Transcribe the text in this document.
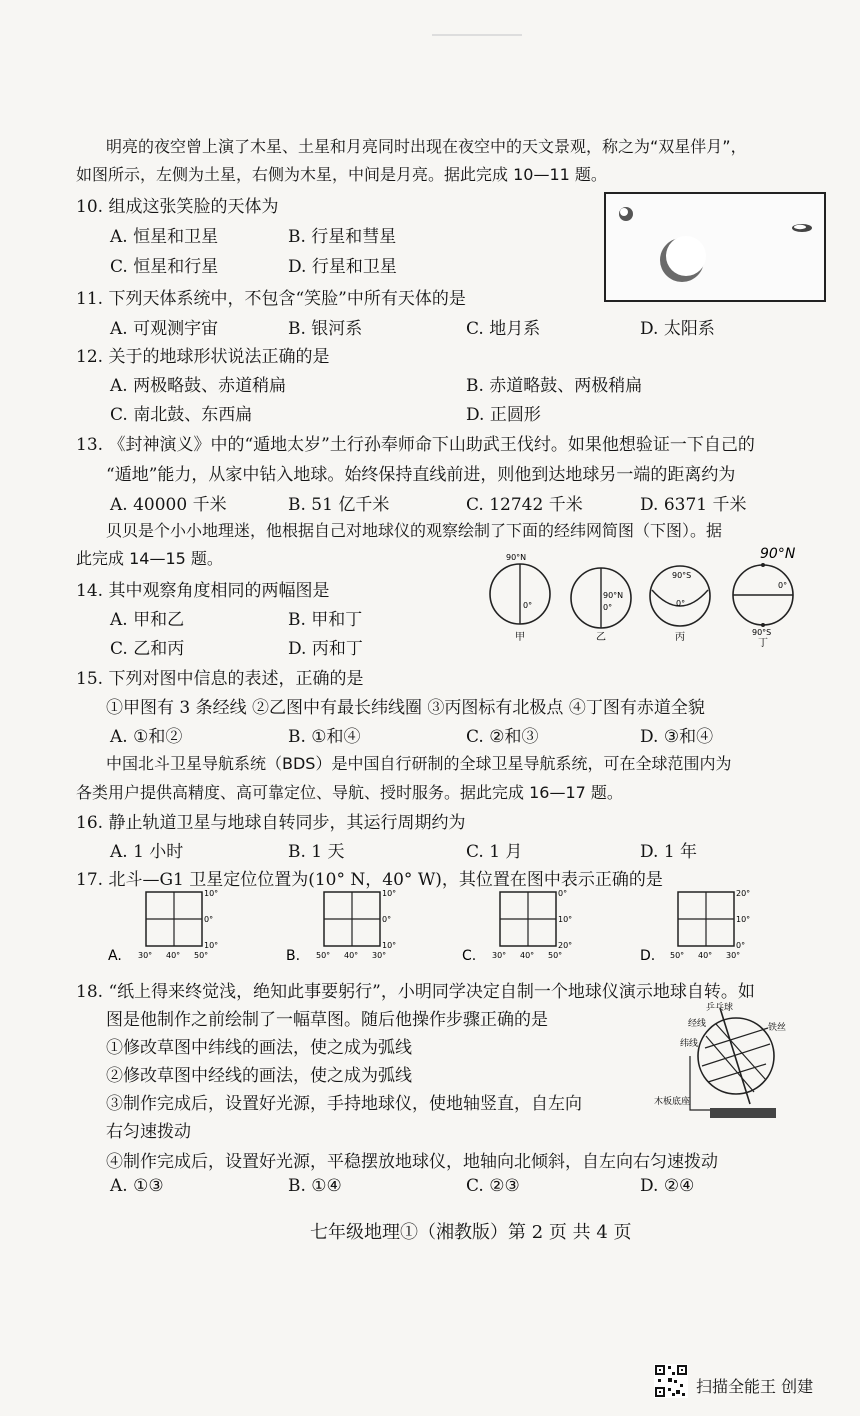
明亮的夜空曾上演了木星、土星和月亮同时出现在夜空中的天文景观，称之为“双星伴月”，
如图所示，左侧为土星，右侧为木星，中间是月亮。据此完成 10—11 题。
10. 组成这张笑脸的天体为
A. 恒星和卫星	B. 行星和彗星
C. 恒星和行星	D. 行星和卫星
11. 下列天体系统中，不包含“笑脸”中所有天体的是
A. 可观测宇宙	B. 银河系	C. 地月系	D. 太阳系
12. 关于的地球形状说法正确的是
A. 两极略鼓、赤道稍扁	B. 赤道略鼓、两极稍扁
C. 南北鼓、东西扁	D. 正圆形
13. 《封神演义》中的“遁地太岁”土行孙奉师命下山助武王伐纣。如果他想验证一下自己的
“遁地”能力，从家中钻入地球。始终保持直线前进，则他到达地球另一端的距离约为
A. 40000 千米	B. 51 亿千米	C. 12742 千米	D. 6371 千米
贝贝是个小小地理迷，他根据自己对地球仪的观察绘制了下面的经纬网简图（下图）。据
此完成 14—15 题。
14. 其中观察角度相同的两幅图是
A. 甲和乙	B. 甲和丁
C. 乙和丙	D. 丙和丁
90°N
0°
甲
90°N
0°
乙
90°S
0°
丙
90°N
0°
90°S
丁
15. 下列对图中信息的表述，正确的是
①甲图有 3 条经线 ②乙图中有最长纬线圈 ③丙图标有北极点 ④丁图有赤道全貌
A. ①和②	B. ①和④	C. ②和③	D. ③和④
中国北斗卫星导航系统（BDS）是中国自行研制的全球卫星导航系统，可在全球范围内为
各类用户提供高精度、高可靠定位、导航、授时服务。据此完成 16—17 题。
16. 静止轨道卫星与地球自转同步，其运行周期约为
A. 1 小时	B. 1 天	C. 1 月	D. 1 年
17. 北斗—G1 卫星定位位置为(10° N，40° W)，其位置在图中表示正确的是
A.
10°
0°
10°
30° 40° 50°	B.
10°
0°
10°
50° 40° 30°	C.
0°
10°
20°
30° 40° 50°	D.
20°
10°
0°
50° 40° 30°
18. “纸上得来终觉浅，绝知此事要躬行”，小明同学决定自制一个地球仪演示地球自转。如
图是他制作之前绘制了一幅草图。随后他操作步骤正确的是
①修改草图中纬线的画法，使之成为弧线
②修改草图中经线的画法，使之成为弧线
③制作完成后，设置好光源，手持地球仪，使地轴竖直，自左向
右匀速拨动
④制作完成后，设置好光源，平稳摆放地球仪，地轴向北倾斜，自左向右匀速拨动
A. ①③	B. ①④	C. ②③	D. ②④
乒乓球
经线
纬线
铁丝
木板底座
七年级地理①（湘教版）第 2 页 共 4 页
扫描全能王 创建
